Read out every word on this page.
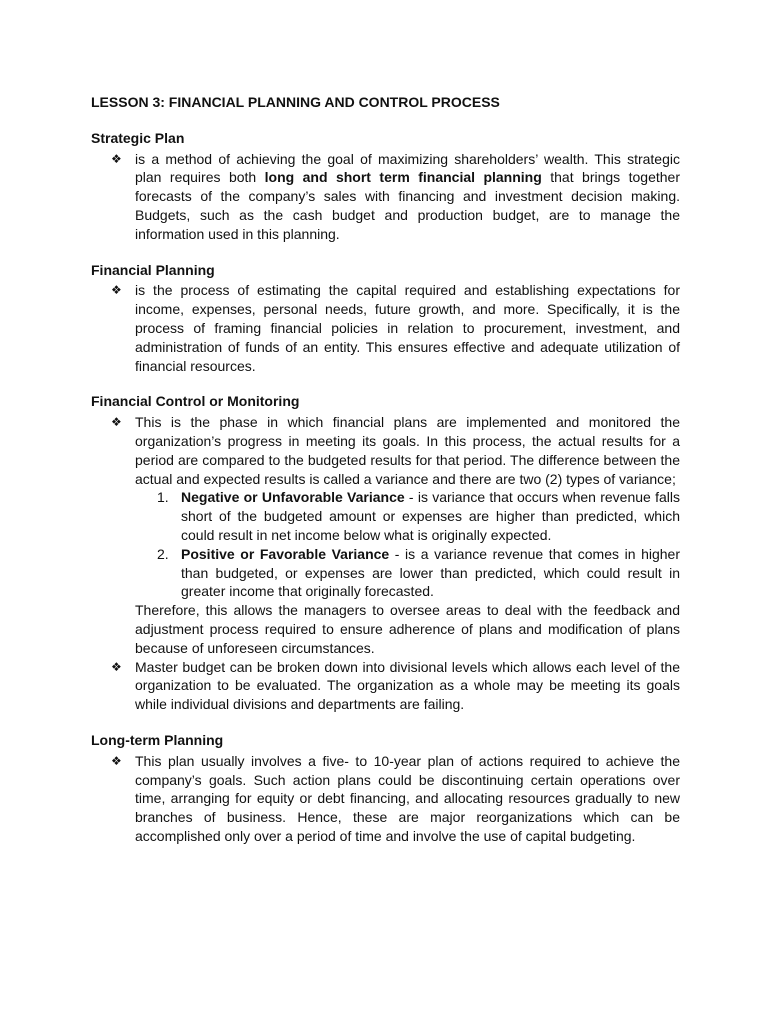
LESSON 3: FINANCIAL PLANNING AND CONTROL PROCESS

Strategic Plan

❖ is a method of achieving the goal of maximizing shareholders’ wealth. This strategic plan requires both long and short term financial planning that brings together forecasts of the company’s sales with financing and investment decision making. Budgets, such as the cash budget and production budget, are to manage the information used in this planning.

Financial Planning

❖ is the process of estimating the capital required and establishing expectations for income, expenses, personal needs, future growth, and more. Specifically, it is the process of framing financial policies in relation to procurement, investment, and administration of funds of an entity. This ensures effective and adequate utilization of financial resources.

Financial Control or Monitoring

❖ This is the phase in which financial plans are implemented and monitored the organization’s progress in meeting its goals. In this process, the actual results for a period are compared to the budgeted results for that period. The difference between the actual and expected results is called a variance and there are two (2) types of variance;
1. Negative or Unfavorable Variance - is variance that occurs when revenue falls short of the budgeted amount or expenses are higher than predicted, which could result in net income below what is originally expected.
2. Positive or Favorable Variance - is a variance revenue that comes in higher than budgeted, or expenses are lower than predicted, which could result in greater income that originally forecasted.

Therefore, this allows the managers to oversee areas to deal with the feedback and adjustment process required to ensure adherence of plans and modification of plans because of unforeseen circumstances.

❖ Master budget can be broken down into divisional levels which allows each level of the organization to be evaluated. The organization as a whole may be meeting its goals while individual divisions and departments are failing.

Long-term Planning

❖ This plan usually involves a five- to 10-year plan of actions required to achieve the company’s goals. Such action plans could be discontinuing certain operations over time, arranging for equity or debt financing, and allocating resources gradually to new branches of business. Hence, these are major reorganizations which can be accomplished only over a period of time and involve the use of capital budgeting.
